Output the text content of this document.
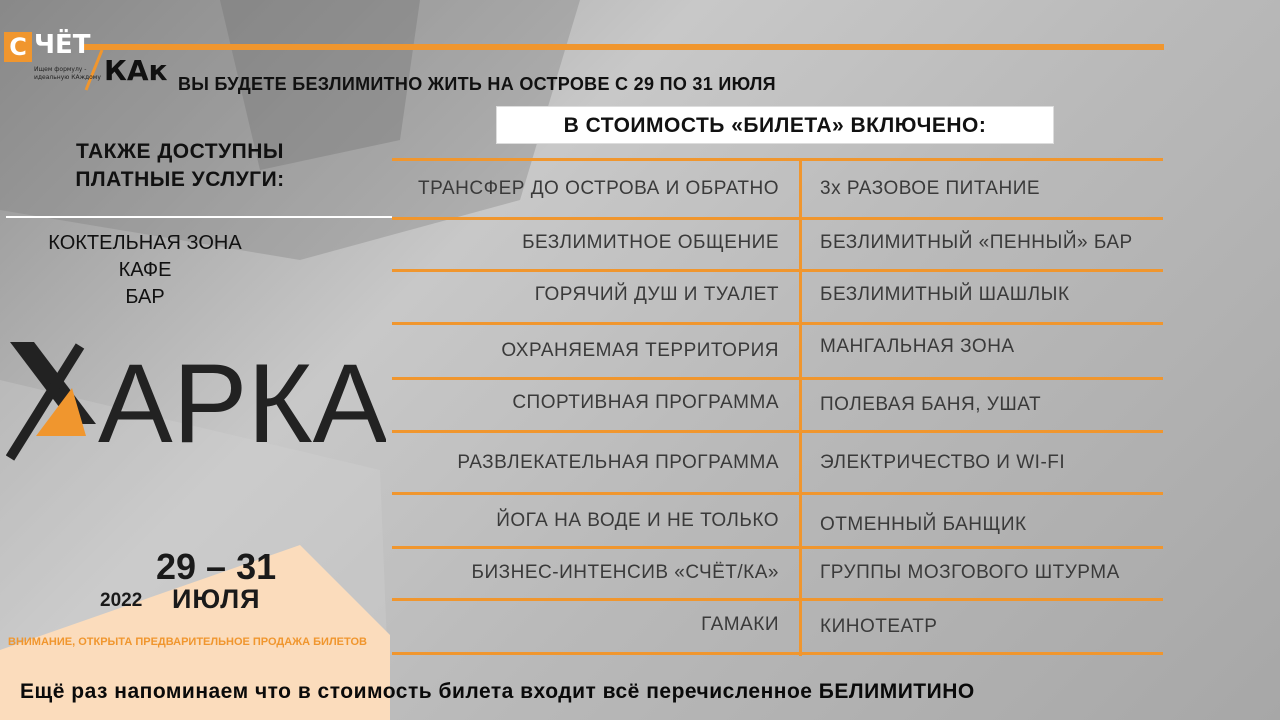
С ЧЁТ
Ищем формулу - идеальную КАждому КАк ВЫ БУДЕТЕ БЕЗЛИМИТНО ЖИТЬ НА ОСТРОВЕ С 29 ПО 31 ИЮЛЯ
В СТОИМОСТЬ «БИЛЕТА» ВКЛЮЧЕНО:
ТАКЖЕ ДОСТУПНЫ
ПЛАТНЫЕ УСЛУГИ:
КОКТЕЛЬНАЯ ЗОНА
КАФЕ
БАР
АРКА
29 – 31
2022 ИЮЛЯ
ВНИМАНИЕ, ОТКРЫТА ПРЕДВАРИТЕЛЬНОЕ ПРОДАЖА БИЛЕТОВ
ТРАНСФЕР ДО ОСТРОВА И ОБРАТНО 3х РАЗОВОЕ ПИТАНИЕ
БЕЗЛИМИТНОЕ ОБЩЕНИЕ БЕЗЛИМИТНЫЙ «ПЕННЫЙ» БАР
ГОРЯЧИЙ ДУШ И ТУАЛЕТ БЕЗЛИМИТНЫЙ ШАШЛЫК
ОХРАНЯЕМАЯ ТЕРРИТОРИЯ МАНГАЛЬНАЯ ЗОНА
СПОРТИВНАЯ ПРОГРАММА ПОЛЕВАЯ БАНЯ, УШАТ
РАЗВЛЕКАТЕЛЬНАЯ ПРОГРАММА ЭЛЕКТРИЧЕСТВО И WI-FI
ЙОГА НА ВОДЕ И НЕ ТОЛЬКО ОТМЕННЫЙ БАНЩИК
БИЗНЕС-ИНТЕНСИВ «СЧЁТ/КА» ГРУППЫ МОЗГОВОГО ШТУРМА
ГАМАКИ КИНОТЕАТР
Ещё раз напоминаем что в стоимость билета входит всё перечисленное БЕЛИМИТИНО
